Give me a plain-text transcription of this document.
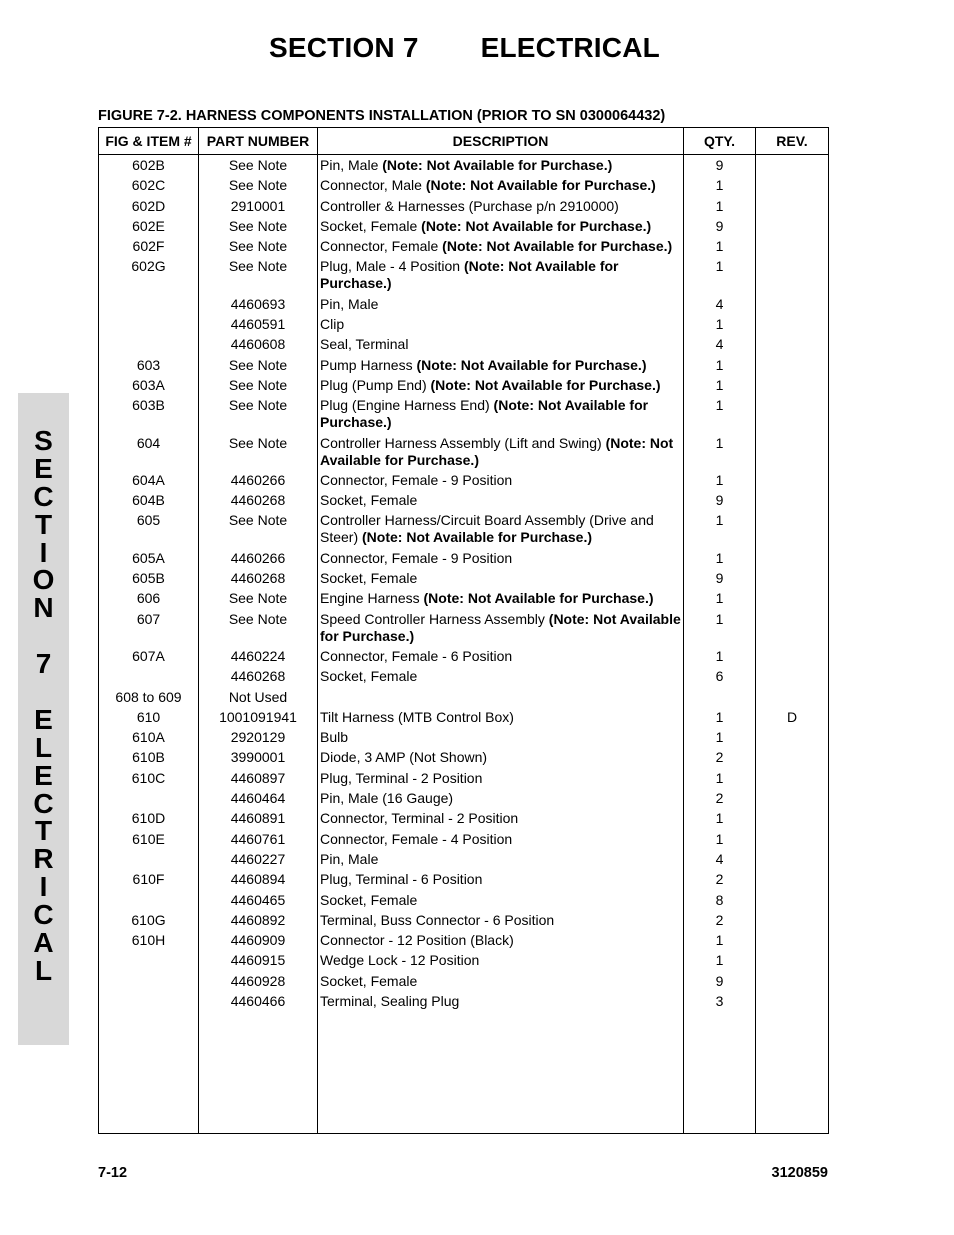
SECTION 7 ELECTRICAL
FIGURE 7-2. HARNESS COMPONENTS INSTALLATION (PRIOR TO SN 0300064432)
S
E
C
T
I
O
N
7
E
L
E
C
T
R
I
C
A
L
FIG & ITEM #	PART NUMBER	DESCRIPTION	QTY.	REV.
602B	See Note	Pin, Male (Note: Not Available for Purchase.)	9	
602C	See Note	Connector, Male (Note: Not Available for Purchase.)	1	
602D	2910001	Controller & Harnesses (Purchase p/n 2910000)	1	
602E	See Note	Socket, Female (Note: Not Available for Purchase.)	9	
602F	See Note	Connector, Female (Note: Not Available for Purchase.)	1	
602G	See Note	Plug, Male - 4 Position (Note: Not Available for Purchase.)	1	
	4460693	Pin, Male	4	
	4460591	Clip	1	
	4460608	Seal, Terminal	4	
603	See Note	Pump Harness (Note: Not Available for Purchase.)	1	
603A	See Note	Plug (Pump End) (Note: Not Available for Purchase.)	1	
603B	See Note	Plug (Engine Harness End) (Note: Not Available for Purchase.)	1	
604	See Note	Controller Harness Assembly (Lift and Swing) (Note: Not Available for Purchase.)	1	
604A	4460266	Connector, Female - 9 Position	1	
604B	4460268	Socket, Female	9	
605	See Note	Controller Harness/Circuit Board Assembly (Drive and Steer) (Note: Not Available for Purchase.)	1	
605A	4460266	Connector, Female - 9 Position	1	
605B	4460268	Socket, Female	9	
606	See Note	Engine Harness (Note: Not Available for Purchase.)	1	
607	See Note	Speed Controller Harness Assembly (Note: Not Available for Purchase.)	1	
607A	4460224	Connector, Female - 6 Position	1	
	4460268	Socket, Female	6	
608 to 609	Not Used			
610	1001091941	Tilt Harness (MTB Control Box)	1	D
610A	2920129	Bulb	1	
610B	3990001	Diode, 3 AMP (Not Shown)	2	
610C	4460897	Plug, Terminal - 2 Position	1	
	4460464	Pin, Male (16 Gauge)	2	
610D	4460891	Connector, Terminal - 2 Position	1	
610E	4460761	Connector, Female - 4 Position	1	
	4460227	Pin, Male	4	
610F	4460894	Plug, Terminal - 6 Position	2	
	4460465	Socket, Female	8	
610G	4460892	Terminal, Buss Connector - 6 Position	2	
610H	4460909	Connector - 12 Position (Black)	1	
	4460915	Wedge Lock - 12 Position	1	
	4460928	Socket, Female	9	
	4460466	Terminal, Sealing Plug	3	

7-12	3120859
